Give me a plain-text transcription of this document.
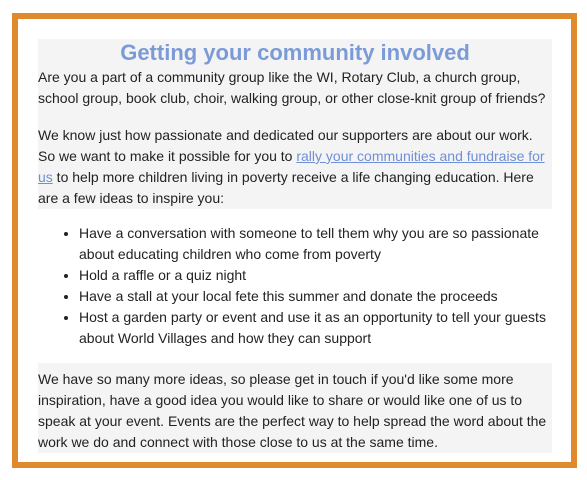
Getting your community involved

Are you a part of a community group like the WI, Rotary Club, a church group, school group, book club, choir, walking group, or other close-knit group of friends?

We know just how passionate and dedicated our supporters are about our work. So we want to make it possible for you to rally your communities and fundraise for us to help more children living in poverty receive a life changing education. Here are a few ideas to inspire you:

• Have a conversation with someone to tell them why you are so passionate about educating children who come from poverty
• Hold a raffle or a quiz night
• Have a stall at your local fete this summer and donate the proceeds
• Host a garden party or event and use it as an opportunity to tell your guests about World Villages and how they can support

We have so many more ideas, so please get in touch if you'd like some more inspiration, have a good idea you would like to share or would like one of us to speak at your event. Events are the perfect way to help spread the word about the work we do and connect with those close to us at the same time.
